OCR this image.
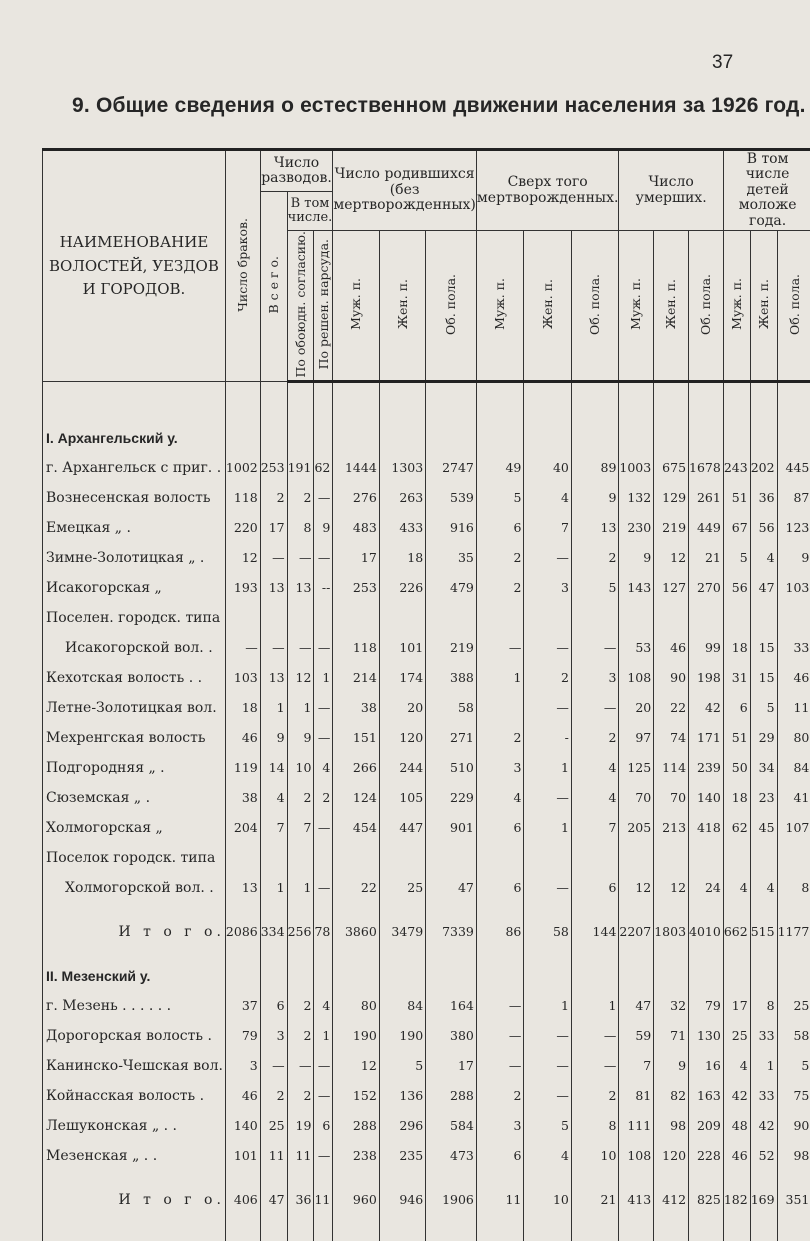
37
9. Общие сведения о естественном движении населения за 1926 год.
НАИМЕНОВАНИЕ ВОЛОСТЕЙ, УЕЗДОВ И ГОРОДОВ.	Число браков.	Число разводов.			Число родившихся (без мертворожденных)			Сверх того мертворожденных.			Число умерших.			В том числе детей моложе года.		
		В с е г о.	В том числе.													
			По обоюдн. согласию.	По решен. нарсуда.	Муж. п.	Жен. п.	Об. пола.	Муж. п.	Жен. п.	Об. пола.	Муж. п.	Жен. п.	Об. пола.	Муж. п.	Жен. п.	Об. пола.

I. Архангельский у.																
г. Архангельск с приг. .	1002	253	191	62	1444	1303	2747	49	40	89	1003	675	1678	243	202	445
Вознесенская волость	118	2	2	—	276	263	539	5	4	9	132	129	261	51	36	87
Емецкая „ .	220	17	8	9	483	433	916	6	7	13	230	219	449	67	56	123
Зимне-Золотицкая „ .	12	—	—	—	17	18	35	2	—	2	9	12	21	5	4	9
Исакогорская „	193	13	13	--	253	226	479	2	3	5	143	127	270	56	47	103
Поселен. городск. типа																
Исакогорской вол. .	—	—	—	—	118	101	219	—	—	—	53	46	99	18	15	33
Кехотская волость . .	103	13	12	1	214	174	388	1	2	3	108	90	198	31	15	46
Летне-Золотицкая вол.	18	1	1	—	38	20	58		—	—	20	22	42	6	5	11
Мехренгская волость	46	9	9	—	151	120	271	2	-	2	97	74	171	51	29	80
Подгородняя „ .	119	14	10	4	266	244	510	3	1	4	125	114	239	50	34	84
Сюземская „ .	38	4	2	2	124	105	229	4	—	4	70	70	140	18	23	41
Холмогорская „	204	7	7	—	454	447	901	6	1	7	205	213	418	62	45	107
Поселок городск. типа																
Холмогорской вол. .	13	1	1	—	22	25	47	6	—	6	12	12	24	4	4	8

И т о г о.	2086	334	256	78	3860	3479	7339	86	58	144	2207	1803	4010	662	515	1177

II. Мезенский у.																
г. Мезень . . . . . .	37	6	2	4	80	84	164	—	1	1	47	32	79	17	8	25
Дорогорская волость .	79	3	2	1	190	190	380	—	—	—	59	71	130	25	33	58
Канинско-Чешская вол.	3	—	—	—	12	5	17	—	—	—	7	9	16	4	1	5
Койнасская волость .	46	2	2	—	152	136	288	2	—	2	81	82	163	42	33	75
Лешуконская „ . .	140	25	19	6	288	296	584	3	5	8	111	98	209	48	42	90
Мезенская „ . .	101	11	11	—	238	235	473	6	4	10	108	120	228	46	52	98

И т о г о.	406	47	36	11	960	946	1906	11	10	21	413	412	825	182	169	351
